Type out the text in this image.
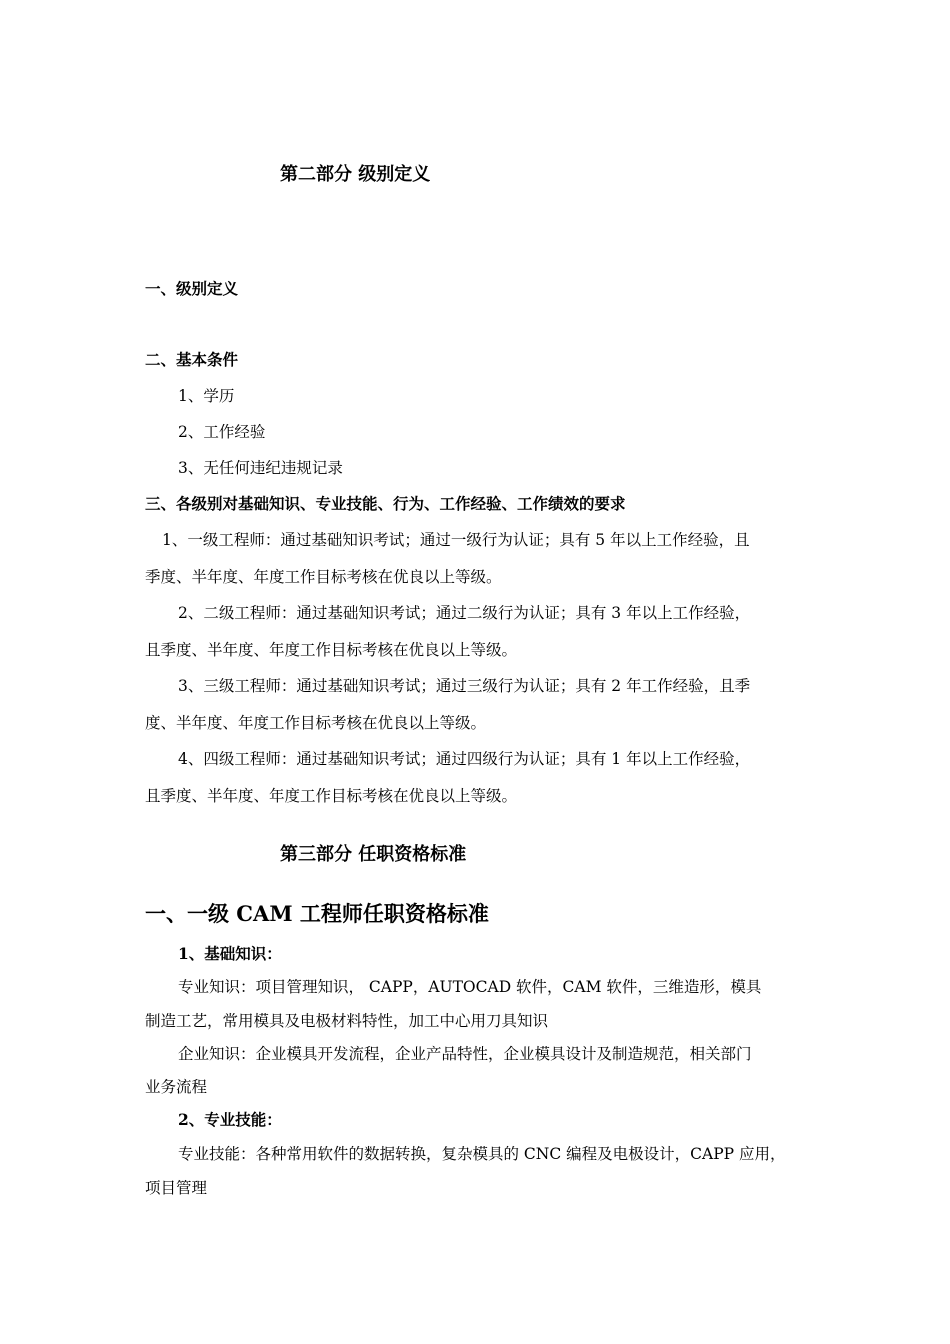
第二部分 级别定义
一、级别定义
二、基本条件
1、学历
2、工作经验
3、无任何违纪违规记录
三、各级别对基础知识、专业技能、行为、工作经验、工作绩效的要求
1、一级工程师：通过基础知识考试；通过一级行为认证；具有 5 年以上工作经验，且
季度、半年度、年度工作目标考核在优良以上等级。
2、二级工程师：通过基础知识考试；通过二级行为认证；具有 3 年以上工作经验，
且季度、半年度、年度工作目标考核在优良以上等级。
3、三级工程师：通过基础知识考试；通过三级行为认证；具有 2 年工作经验，且季
度、半年度、年度工作目标考核在优良以上等级。
4、四级工程师：通过基础知识考试；通过四级行为认证；具有 1 年以上工作经验，
且季度、半年度、年度工作目标考核在优良以上等级。
第三部分 任职资格标准
一、一级 CAM 工程师任职资格标准
1、基础知识：
专业知识：项目管理知识， CAPP，AUTOCAD 软件，CAM 软件，三维造形，模具
制造工艺，常用模具及电极材料特性，加工中心用刀具知识
企业知识：企业模具开发流程，企业产品特性，企业模具设计及制造规范，相关部门
业务流程
2、专业技能：
专业技能：各种常用软件的数据转换，复杂模具的 CNC 编程及电极设计，CAPP 应用，
项目管理
